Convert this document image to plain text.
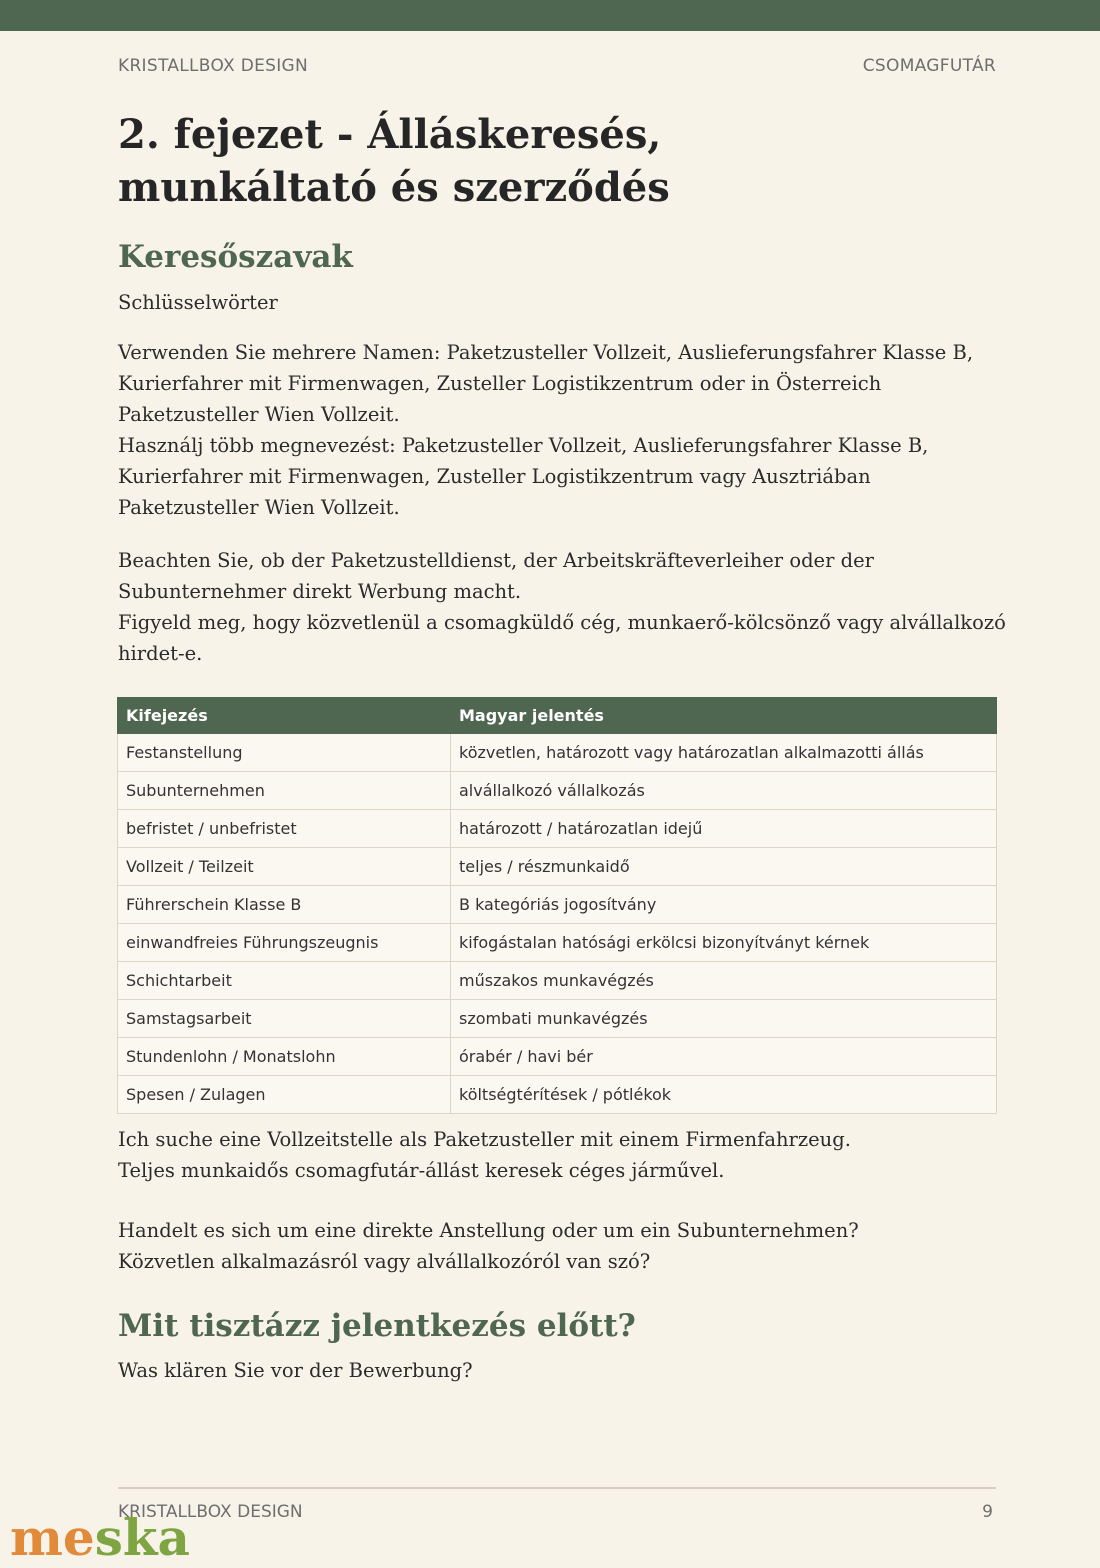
KRISTALLBOX DESIGN	CSOMAGFUTÁR
2. fejezet - Álláskeresés,
munkáltató és szerződés
Keresőszavak
Schlüsselwörter
Verwenden Sie mehrere Namen: Paketzusteller Vollzeit, Auslieferungsfahrer Klasse B,
Kurierfahrer mit Firmenwagen, Zusteller Logistikzentrum oder in Österreich
Paketzusteller Wien Vollzeit.
Használj több megnevezést: Paketzusteller Vollzeit, Auslieferungsfahrer Klasse B,
Kurierfahrer mit Firmenwagen, Zusteller Logistikzentrum vagy Ausztriában
Paketzusteller Wien Vollzeit.
Beachten Sie, ob der Paketzustelldienst, der Arbeitskräfteverleiher oder der
Subunternehmer direkt Werbung macht.
Figyeld meg, hogy közvetlenül a csomagküldő cég, munkaerő-kölcsönző vagy alvállalkozó
hirdet-e.
Kifejezés	Magyar jelentés
Festanstellung	közvetlen, határozott vagy határozatlan alkalmazotti állás
Subunternehmen	alvállalkozó vállalkozás
befristet / unbefristet	határozott / határozatlan idejű
Vollzeit / Teilzeit	teljes / részmunkaidő
Führerschein Klasse B	B kategóriás jogosítvány
einwandfreies Führungszeugnis	kifogástalan hatósági erkölcsi bizonyítványt kérnek
Schichtarbeit	műszakos munkavégzés
Samstagsarbeit	szombati munkavégzés
Stundenlohn / Monatslohn	órabér / havi bér
Spesen / Zulagen	költségtérítések / pótlékok
Ich suche eine Vollzeitstelle als Paketzusteller mit einem Firmenfahrzeug.
Teljes munkaidős csomagfutár-állást keresek céges járművel.
Handelt es sich um eine direkte Anstellung oder um ein Subunternehmen?
Közvetlen alkalmazásról vagy alvállalkozóról van szó?
Mit tisztázz jelentkezés előtt?
Was klären Sie vor der Bewerbung?
KRISTALLBOX DESIGN	9
meska
